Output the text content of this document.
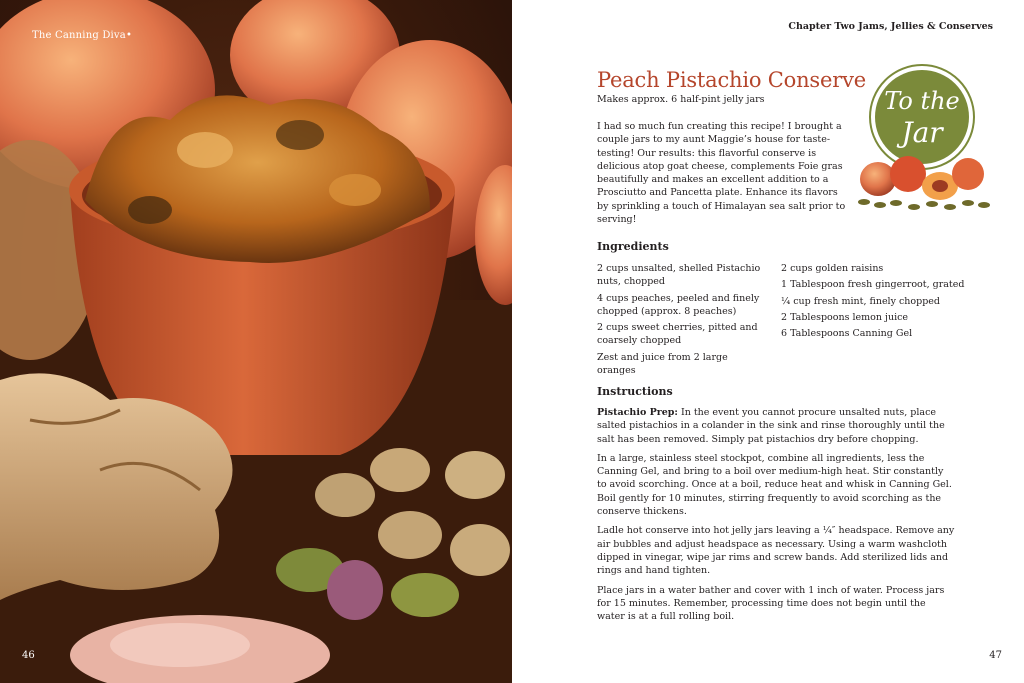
The Canning Diva•
46
Chapter Two Jams, Jellies & Conserves
Peach Pistachio Conserve
Makes approx. 6 half-pint jelly jars	To the
Jar
I had so much fun creating this recipe! I brought a couple jars to my aunt Maggie’s house for taste-testing! Our results: this flavorful conserve is delicious atop goat cheese, complements Foie gras beautifully and makes an excellent addition to a Prosciutto and Pancetta plate. Enhance its flavors by sprinkling a touch of Himalayan sea salt prior to serving!
Ingredients
2 cups unsalted, shelled Pistachio nuts, chopped
4 cups peaches, peeled and finely chopped (approx. 8 peaches)
2 cups sweet cherries, pitted and coarsely chopped
Zest and juice from 2 large oranges
2 cups golden raisins
1 Tablespoon fresh gingerroot, grated
¼ cup fresh mint, finely chopped
2 Tablespoons lemon juice
6 Tablespoons Canning Gel
Instructions

Pistachio Prep: In the event you cannot procure unsalted nuts, place salted pistachios in a colander in the sink and rinse thoroughly until the salt has been removed. Simply pat pistachios dry before chopping.

In a large, stainless steel stockpot, combine all ingredients, less the Canning Gel, and bring to a boil over medium-high heat. Stir constantly to avoid scorching. Once at a boil, reduce heat and whisk in Canning Gel. Boil gently for 10 minutes, stirring frequently to avoid scorching as the conserve thickens.

Ladle hot conserve into hot jelly jars leaving a ¼″ headspace. Remove any air bubbles and adjust headspace as necessary. Using a warm washcloth dipped in vinegar, wipe jar rims and screw bands. Add sterilized lids and rings and hand tighten.

Place jars in a water bather and cover with 1 inch of water. Process jars for 15 minutes. Remember, processing time does not begin until the water is at a full rolling boil.

47
